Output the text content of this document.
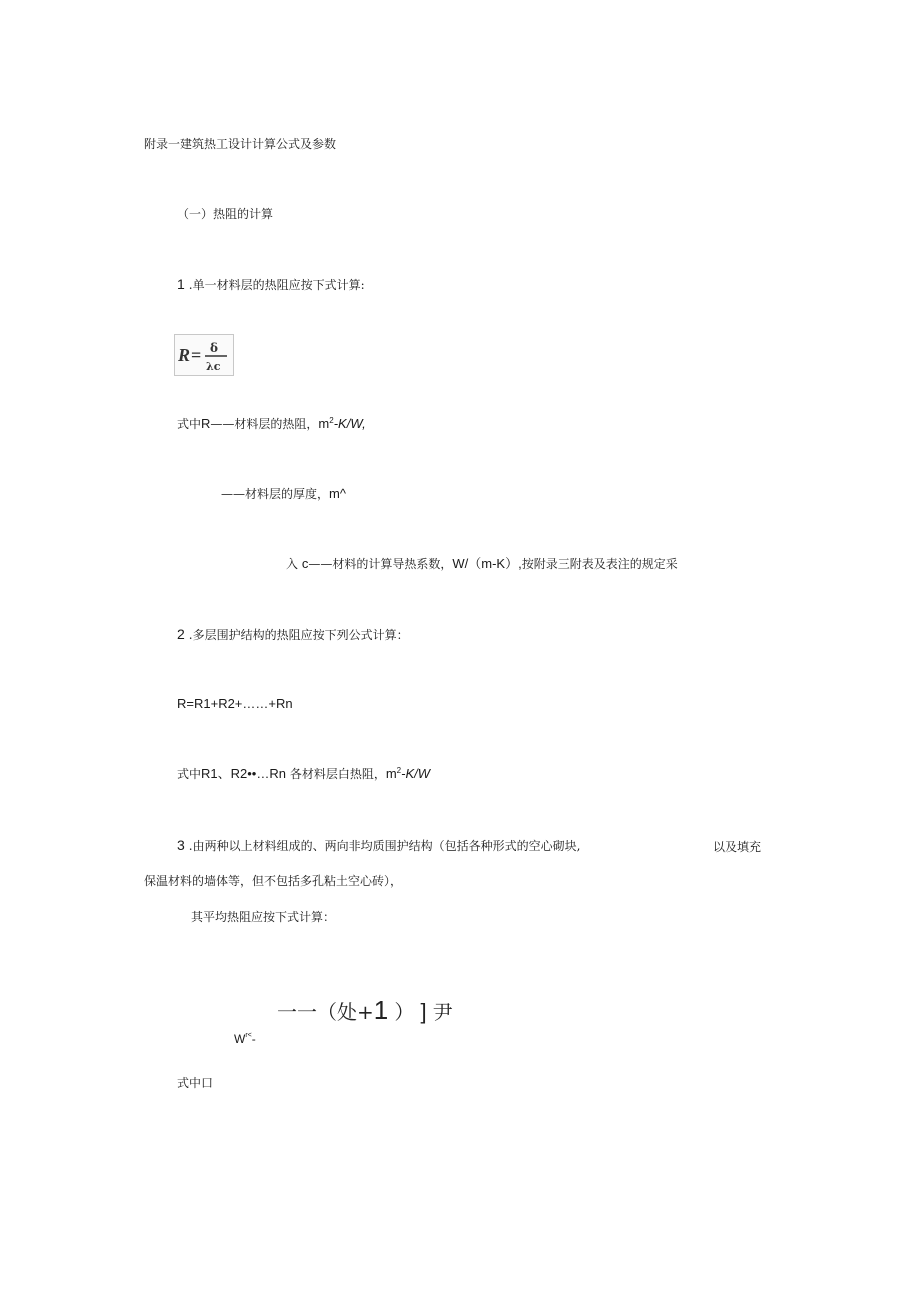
附录一建筑热工设计计算公式及参数
（一）热阻的计算
1 .单一材料层的热阻应按下式计算:
R = δ
λc
式中R——材料层的热阻，$m^2-K/W$,
——材料层的厚度，m^
入 c——材料的计算导热系数，W/（m-K）,按附录三附表及表注的规定采
2 .多层围护结构的热阻应按下列公式计算：
R=R1+R2+……+Rn
式中R1、R2••…Rn 各材料层白热阻，$m^2-K/W$
3 .由两种以上材料组成的、两向非均质围护结构（包括各种形式的空心砌块,	以及填充
保温材料的墙体等，但不包括多孔粘土空心砖），
其平均热阻应按下式计算：
一一（处+1 ） ] 尹
$W^{r<}-$
式中口
